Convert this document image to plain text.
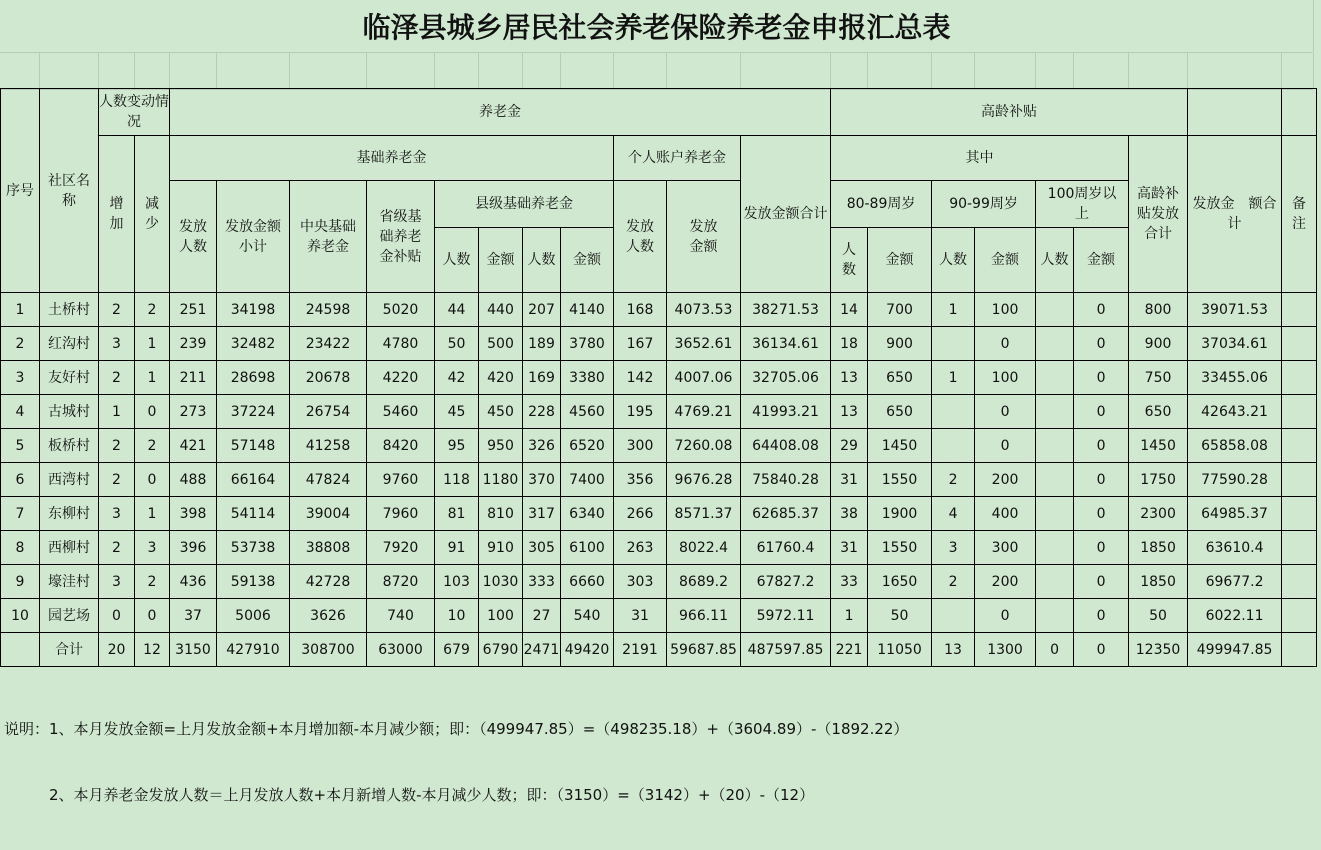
临泽县城乡居民社会养老保险养老金申报汇总表
序号	社区名称	人数变动情况		养老金											高龄补贴								
		增加	减少	基础养老金								个人账户养老金		发放金额合计	其中						高龄补贴发放合计	发放金　额合计	备注
				发放人数	发放金额小计	中央基础养老金	省级基础养老金补贴	县级基础养老金				发放人数	发放金额		80-89周岁		90-99周岁		100周岁以上				
								人数	金额	人数	金额				人数	金额	人数	金额	人数	金额			
1	土桥村	2	2	251	34198	24598	5020	44	440	207	4140	168	4073.53	38271.53	14	700	1	100		0	800	39071.53	
2	红沟村	3	1	239	32482	23422	4780	50	500	189	3780	167	3652.61	36134.61	18	900		0		0	900	37034.61	
3	友好村	2	1	211	28698	20678	4220	42	420	169	3380	142	4007.06	32705.06	13	650	1	100		0	750	33455.06	
4	古城村	1	0	273	37224	26754	5460	45	450	228	4560	195	4769.21	41993.21	13	650		0		0	650	42643.21	
5	板桥村	2	2	421	57148	41258	8420	95	950	326	6520	300	7260.08	64408.08	29	1450		0		0	1450	65858.08	
6	西湾村	2	0	488	66164	47824	9760	118	1180	370	7400	356	9676.28	75840.28	31	1550	2	200		0	1750	77590.28	
7	东柳村	3	1	398	54114	39004	7960	81	810	317	6340	266	8571.37	62685.37	38	1900	4	400		0	2300	64985.37	
8	西柳村	2	3	396	53738	38808	7920	91	910	305	6100	263	8022.4	61760.4	31	1550	3	300		0	1850	63610.4	
9	壕洼村	3	2	436	59138	42728	8720	103	1030	333	6660	303	8689.2	67827.2	33	1650	2	200		0	1850	69677.2	
10	园艺场	0	0	37	5006	3626	740	10	100	27	540	31	966.11	5972.11	1	50		0		0	50	6022.11	
	合计	20	12	3150	427910	308700	63000	679	6790	2471	49420	2191	59687.85	487597.85	221	11050	13	1300	0	0	12350	499947.85	

说明：1、本月发放金额=上月发放金额+本月增加额-本月减少额；即：（499947.85）=（498235.18）+（3604.89）-（1892.22）

　　　2、本月养老金发放人数＝上月发放人数+本月新增人数-本月减少人数；即：（3150）=（3142）+（20）-（12）
